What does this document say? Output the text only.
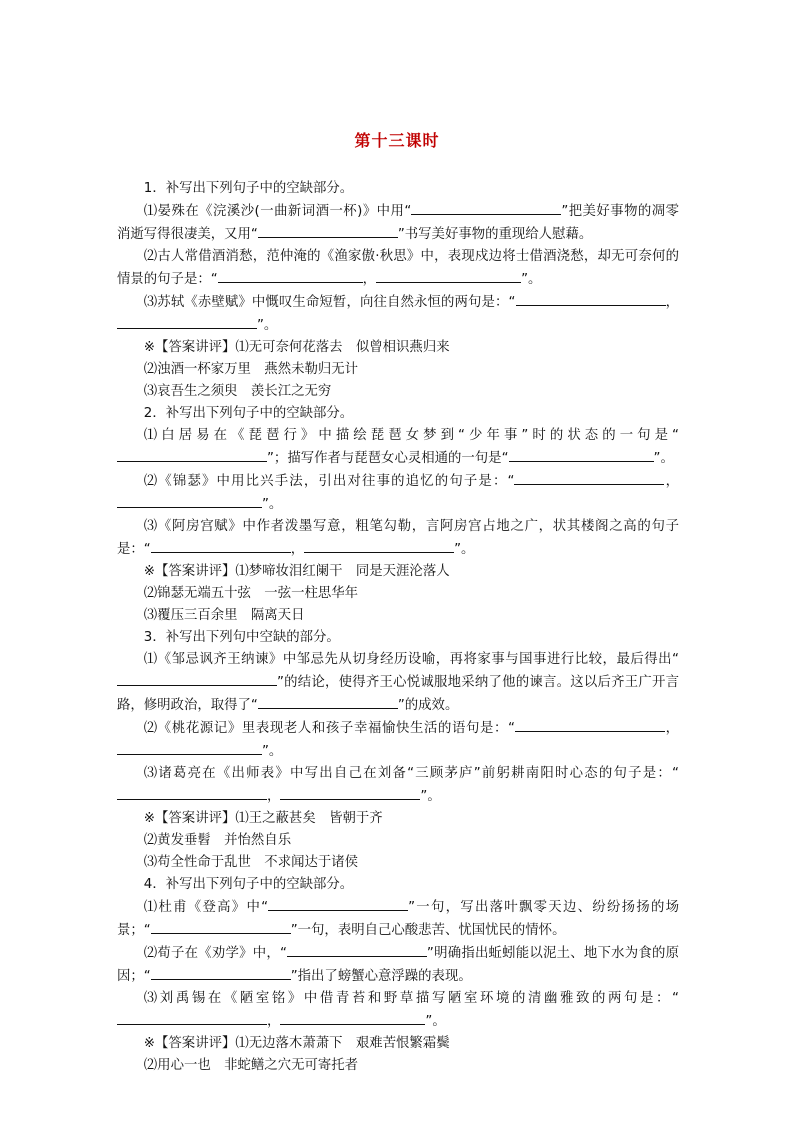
第十三课时

1．补写出下列句子中的空缺部分。

⑴晏殊在《浣溪沙(一曲新词酒一杯)》中用“	”把美好事物的凋零消逝写得很凄美，又用“	”书写美好事物的重现给人慰藉。

⑵古人常借酒消愁，范仲淹的《渔家傲·秋思》中，表现戍边将士借酒浇愁，却无可奈何的情景的句子是：“	，	”。

⑶苏轼《赤壁赋》中慨叹生命短暂，向往自然永恒的两句是：“	，”。

※【答案讲评】⑴无可奈何花落去　似曾相识燕归来

⑵浊酒一杯家万里　燕然未勒归无计

⑶哀吾生之须臾　羡长江之无穷

2．补写出下列句子中的空缺部分。

⑴白居易在《琵琶行》中描绘琵琶女梦到“少年事”时的状态的一句是“”；描写作者与琵琶女心灵相通的一句是“	”。

⑵《锦瑟》中用比兴手法，引出对往事的追忆的句子是：“	，”。

⑶《阿房宫赋》中作者泼墨写意，粗笔勾勒，言阿房宫占地之广，状其楼阁之高的句子是：“	，	”。

※【答案讲评】⑴梦啼妆泪红阑干　同是天涯沦落人

⑵锦瑟无端五十弦　一弦一柱思华年

⑶覆压三百余里　隔离天日

3．补写出下列句中空缺的部分。

⑴《邹忌讽齐王纳谏》中邹忌先从切身经历设喻，再将家事与国事进行比较，最后得出“”的结论，使得齐王心悦诚服地采纳了他的谏言。这以后齐王广开言路，修明政治，取得了“	”的成效。

⑵《桃花源记》里表现老人和孩子幸福愉快生活的语句是：“	，”。

⑶诸葛亮在《出师表》中写出自己在刘备“三顾茅庐”前躬耕南阳时心态的句子是：“，	”。

※【答案讲评】⑴王之蔽甚矣　皆朝于齐

⑵黄发垂髫　并怡然自乐

⑶苟全性命于乱世　不求闻达于诸侯

4．补写出下列句子中的空缺部分。

⑴杜甫《登高》中“	”一句，写出落叶飘零天边、纷纷扬扬的场景；“	”一句，表明自己心酸悲苦、忧国忧民的情怀。

⑵荀子在《劝学》中，“	”明确指出蚯蚓能以泥土、地下水为食的原因；“	”指出了螃蟹心意浮躁的表现。

⑶刘禹锡在《陋室铭》中借青苔和野草描写陋室环境的清幽雅致的两句是：“，	”。

※【答案讲评】⑴无边落木萧萧下　艰难苦恨繁霜鬓

⑵用心一也　非蛇鳝之穴无可寄托者
